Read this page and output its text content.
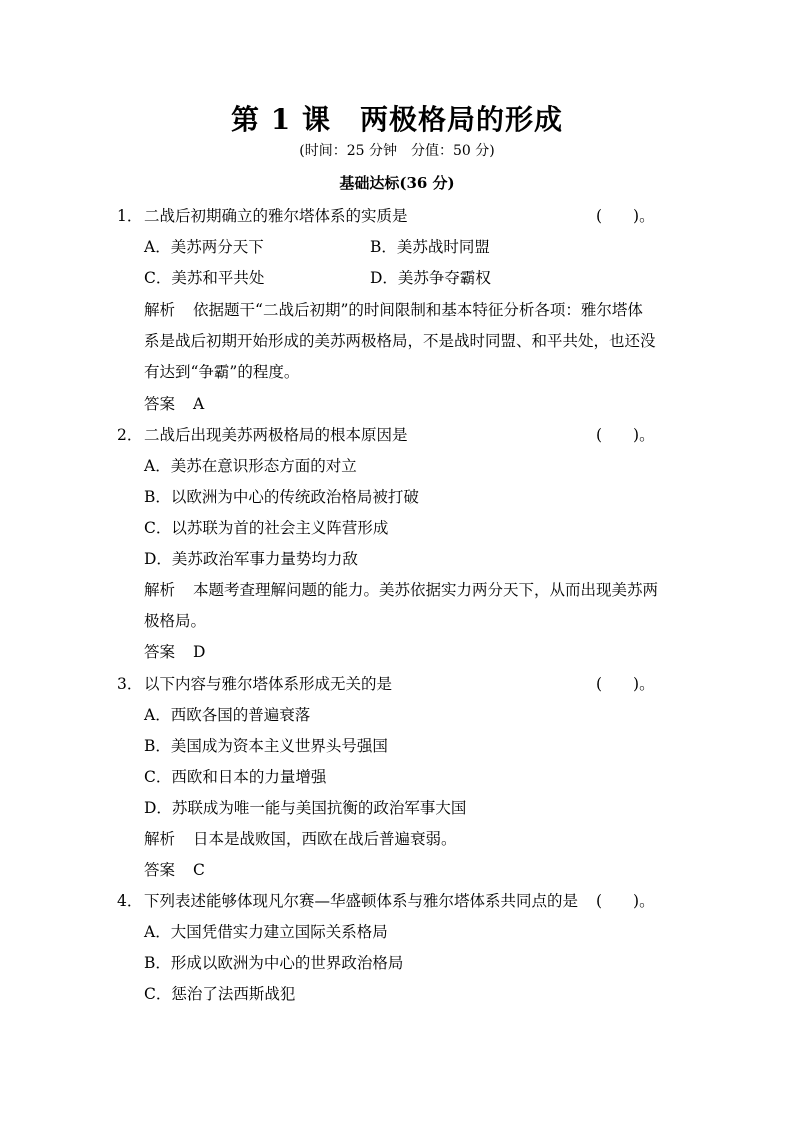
第 1 课　两极格局的形成
(时间：25 分钟　分值：50 分)
基础达标(36 分)
1． 二战后初期确立的雅尔塔体系的实质是	(　　)。
A．美苏两分天下	B．美苏战时同盟
C．美苏和平共处	D．美苏争夺霸权
解析 依据题干“二战后初期”的时间限制和基本特征分析各项：雅尔塔体
系是战后初期开始形成的美苏两极格局，不是战时同盟、和平共处，也还没
有达到“争霸”的程度。
答案 A
2． 二战后出现美苏两极格局的根本原因是	(　　)。
A．美苏在意识形态方面的对立
B．以欧洲为中心的传统政治格局被打破
C．以苏联为首的社会主义阵营形成
D．美苏政治军事力量势均力敌
解析 本题考查理解问题的能力。美苏依据实力两分天下，从而出现美苏两
极格局。
答案 D
3． 以下内容与雅尔塔体系形成无关的是	(　　)。
A．西欧各国的普遍衰落
B．美国成为资本主义世界头号强国
C．西欧和日本的力量增强
D．苏联成为唯一能与美国抗衡的政治军事大国
解析 日本是战败国，西欧在战后普遍衰弱。
答案 C
4． 下列表述能够体现凡尔赛—华盛顿体系与雅尔塔体系共同点的是 (　　)。
A．大国凭借实力建立国际关系格局
B．形成以欧洲为中心的世界政治格局
C．惩治了法西斯战犯
